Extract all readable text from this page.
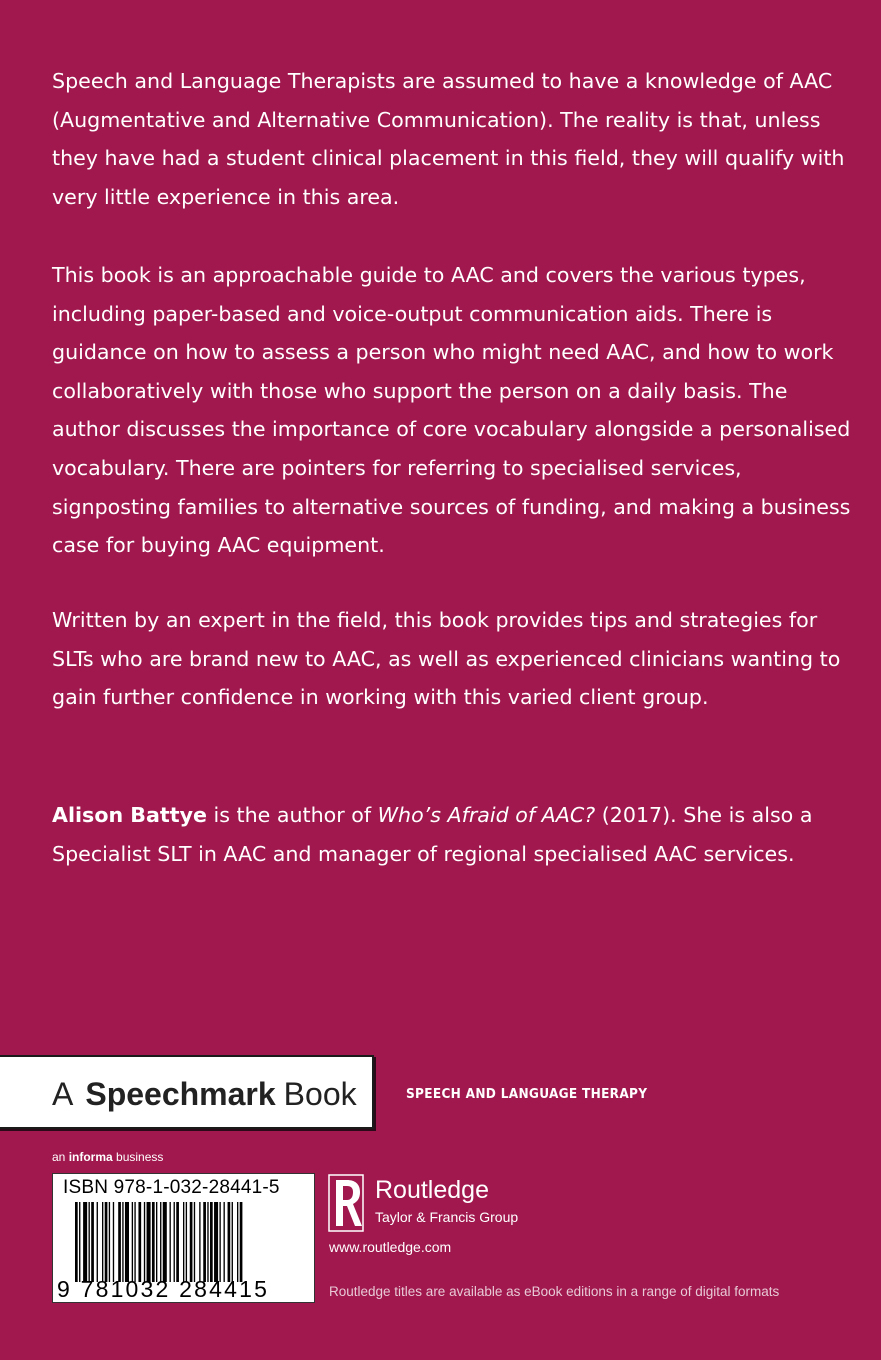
Speech and Language Therapists are assumed to have a knowledge of AAC
(Augmentative and Alternative Communication). The reality is that, unless
they have had a student clinical placement in this field, they will qualify with
very little experience in this area.

This book is an approachable guide to AAC and covers the various types,
including paper-based and voice-output communication aids. There is
guidance on how to assess a person who might need AAC, and how to work
collaboratively with those who support the person on a daily basis. The
author discusses the importance of core vocabulary alongside a personalised
vocabulary. There are pointers for referring to specialised services,
signposting families to alternative sources of funding, and making a business
case for buying AAC equipment.

Written by an expert in the field, this book provides tips and strategies for
SLTs who are brand new to AAC, as well as experienced clinicians wanting to
gain further confidence in working with this varied client group.

Alison Battye is the author of Who’s Afraid of AAC? (2017). She is also a
Specialist SLT in AAC and manager of regional specialised AAC services.

A Speechmark Book	SPEECH AND LANGUAGE THERAPY
an informa business
ISBN 978-1-032-28441-5
9 781032 284415
Routledge
Taylor & Francis Group
www.routledge.com
Routledge titles are available as eBook editions in a range of digital formats
